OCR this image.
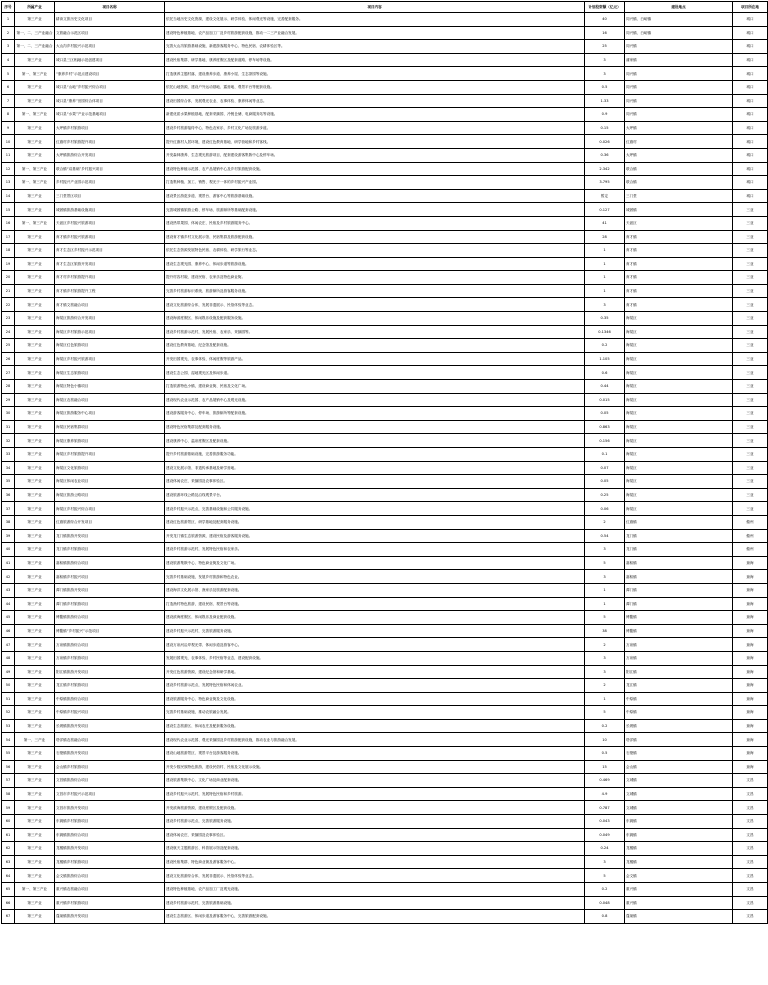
序号	所属产业	项目名称	项目内容	计划投资额（亿元）	建设地点	项目所在地
1	第三产业	耕读文旅历史文化项目	依托当地历史文化资源，建设文化展示、研学体验、休闲观光等设施，完善配套服务。	40	同兴镇、白峪镇	城口
2	第一、二、三产业融合	文旅融合示范区项目	建设特色种植基地、农产品加工厂及乡村旅游配套设施，推动一二三产业融合发展。	16	同兴镇、白峪镇	城口
3	第一、二、三产业融合	大山沟乡村振兴示范项目	完善大山沟旅游基础设施，新建游客服务中心、特色民宿、农耕体验区等。	25	同兴镇	城口
4	第三产业	城口县三区相融示范创建项目	建设民宿集群、研学基地、康养度假区及配套道路、停车场等设施。	3	蒲家镇	城口
5	第一、第三产业	“康养乡村”示范点建设项目	打造康养主题村落，建设康养步道、康养小屋、生态茶园等设施。	3	同兴镇	城口
6	第三产业	城口县“山地”乡村振兴综合项目	依托山地资源，建设户外运动基地、露营地、观景平台等配套设施。	0.5	同兴镇	城口
7	第三产业	城口县“康养”田园综合体项目	建设田园综合体，发展观光农业、农事体验、康养休闲等业态。	1.33	同兴镇	城口
8	第一、第三产业	城口县“水果”产业示范基地项目	新建优质水果种植基地，配套采摘园、冷链仓储、电商服务站等设施。	0.9	同兴镇	城口
9	第三产业	大坪镇乡村旅游项目	建设乡村旅游接待中心、特色农家乐、乡村文化广场及旅游步道。	0.15	大坪镇	城口
10	第三产业	红旗村乡村旅游提升项目	提升红旗村人居环境，建设红色教育基地、研学营地和乡村客栈。	0.026	红旗村	城口
11	第三产业	大坪镇旅游综合开发项目	开发森林康养、生态观光旅游项目，配套建设游客集散中心及停车场。	0.36	大坪镇	城口
12	第一、第三产业	联合镇“双基础”乡村振兴项目	建设特色种植示范园、农产品展销中心及乡村旅游配套设施。	2.342	联合镇	城口
13	第一、第三产业	乡村振兴产业园示范项目	打造集种植、加工、销售、观光于一体的乡村振兴产业园。	3.795	联合镇	城口
14	第三产业	三门堂景区项目	建设景区游览步道、观景台、游客中心等旅游基础设施。	暂定	三门堂	城口
15	第三产业	城固镇旅游基础设施项目	完善城固镇旅游公路、停车场、旅游厕所等基础配套设施。	0.127	城固镇	三亚
16	第一、第三产业	天涯区乡村振兴旅游项目	建设热带果园、休闲农庄、民宿及乡村旅游服务中心。	41	天涯区	三亚
17	第三产业	育才镇乡村振兴旅游项目	建设育才镇乡村文化展示馆、民宿集群及旅游配套设施。	28	育才镇	三亚
18	第三产业	育才生态区乡村振兴示范项目	依托生态资源发展特色民宿、农耕体验、研学旅行等业态。	1	育才镇	三亚
19	第三产业	育才生态区旅游开发项目	建设生态观光园、康养中心、休闲步道等旅游设施。	1	育才镇	三亚
20	第三产业	育才村乡村旅游提升项目	提升村容村貌，建设民宿、农家乐及特色商业街。	1	育才镇	三亚
21	第三产业	育才镇乡村旅游提升工程	完善乡村旅游标识系统、旅游厕所及游客服务设施。	1	育才镇	三亚
22	第三产业	育才镇文旅融合项目	建设文化旅游综合体，发展非遗展示、民俗体验等业态。	3	育才镇	三亚
23	第三产业	海棠区旅游综合开发项目	建设海滨度假区、休闲娱乐设施及配套服务设施。	0.35	海棠区	三亚
24	第三产业	海棠区乡村旅游示范项目	建设乡村旅游示范村，发展民宿、农家乐、采摘园等。	0.1346	海棠区	三亚
25	第三产业	海棠区红色旅游项目	建设红色教育基地、纪念馆及配套设施。	0.2	海棠区	三亚
26	第三产业	海棠区乡村振兴旅游项目	开发田园观光、农事体验、休闲度假等旅游产品。	1.105	海棠区	三亚
27	第三产业	海棠区生态旅游项目	建设生态公园、湿地观光区及休闲步道。	0.6	海棠区	三亚
28	第三产业	海棠区特色小镇项目	打造旅游特色小镇，建设商业街、民宿及文化广场。	0.44	海棠区	三亚
29	第三产业	海棠区农旅融合项目	建设现代农业示范园、农产品展销中心及观光设施。	0.015	海棠区	三亚
30	第三产业	海棠区旅游服务中心项目	建设游客服务中心、停车场、旅游厕所等配套设施。	0.05	海棠区	三亚
31	第三产业	海棠区民宿集群项目	建设特色民宿集群及配套服务设施。	0.863	海棠区	三亚
32	第三产业	海棠区康养旅游项目	建设康养中心、温泉度假区及配套设施。	0.156	海棠区	三亚
33	第三产业	海棠区乡村旅游提升项目	提升乡村旅游基础设施，完善旅游服务功能。	0.1	海棠区	三亚
34	第三产业	海棠区文化旅游项目	建设文化展示馆、非遗传承基地及研学营地。	0.07	海棠区	三亚
35	第三产业	海棠区休闲农业项目	建设休闲农庄、采摘园及农事体验区。	0.05	海棠区	三亚
36	第三产业	海棠区旅游公路项目	建设旅游环线公路及沿线观景平台。	0.25	海棠区	三亚
37	第三产业	海棠区乡村振兴综合项目	建设乡村振兴示范点，完善基础设施和公共服务设施。	0.06	海棠区	三亚
38	第三产业	红旗旅游综合开发项目	建设红色旅游景区、研学基地及配套服务设施。	2	红旗镇	儋州
39	第三产业	龙门镇旅游开发项目	开发龙门镇生态旅游资源，建设民宿及游客服务设施。	0.54	龙门镇	儋州
40	第三产业	龙门镇乡村旅游项目	建设乡村旅游示范村，发展特色民宿和农家乐。	3	龙门镇	儋州
41	第三产业	嘉积镇旅游综合项目	建设旅游集散中心、特色商业街及文化广场。	5	嘉积镇	琼海
42	第三产业	嘉积镇乡村振兴项目	完善乡村基础设施，发展乡村旅游和特色农业。	3	嘉积镇	琼海
43	第三产业	潭门镇旅游开发项目	建设海洋文化展示馆、渔家乐及旅游配套设施。	1	潭门镇	琼海
44	第三产业	潭门镇乡村旅游项目	打造渔村特色旅游，建设民宿、观景台等设施。	1	潭门镇	琼海
45	第三产业	博鳌镇旅游综合项目	建设滨海度假区、休闲娱乐及商业配套设施。	5	博鳌镇	琼海
46	第三产业	博鳌镇“乡村振兴”示范项目	建设乡村振兴示范村，完善旅游服务设施。	38	博鳌镇	琼海
47	第三产业	万泉镇旅游综合项目	建设万泉河沿岸观光带、休闲步道及游客中心。	2	万泉镇	琼海
48	第三产业	万泉镇乡村旅游项目	发展田园观光、农事体验、乡村民宿等业态，建设配套设施。	3	万泉镇	琼海
49	第三产业	阳江镇旅游开发项目	开发红色旅游资源，建设纪念馆和研学基地。	3	阳江镇	琼海
50	第三产业	龙江镇乡村旅游项目	建设乡村旅游示范点，发展特色民宿和休闲农业。	2	龙江镇	琼海
51	第三产业	中原镇旅游综合项目	建设旅游服务中心、特色商业街及文化设施。	1	中原镇	琼海
52	第三产业	中原镇乡村振兴项目	完善乡村基础设施，推动农旅融合发展。	5	中原镇	琼海
53	第三产业	长坡镇旅游开发项目	建设生态旅游区、休闲农庄及配套服务设施。	0.2	长坡镇	琼海
54	第一、三产业	塔洋镇农旅融合项目	建设现代农业示范园、观光采摘园及乡村旅游配套设施，推动农业与旅游融合发展。	10	塔洋镇	琼海
55	第三产业	石壁镇旅游开发项目	建设山地旅游景区、观景平台及游客服务设施。	0.5	石壁镇	琼海
56	第三产业	会山镇乡村旅游项目	开发少数民族特色旅游，建设民俗村、民宿及文化展示设施。	15	会山镇	琼海
57	第三产业	文昌镇旅游综合项目	建设旅游集散中心、文化广场及商业配套设施。	0.469	文城镇	文昌
58	第三产业	文昌市乡村振兴示范项目	建设乡村振兴示范村，发展特色民宿和乡村旅游。	4.9	文城镇	文昌
59	第三产业	文昌市旅游开发项目	开发滨海旅游资源，建设度假区及配套设施。	0.787	文城镇	文昌
60	第三产业	东阁镇乡村旅游项目	建设乡村旅游示范点，完善旅游服务设施。	0.043	东阁镇	文昌
61	第三产业	东阁镇旅游综合项目	建设休闲农庄、采摘园及农事体验区。	0.049	东阁镇	文昌
62	第三产业	龙楼镇旅游开发项目	建设航天主题旅游区、科普展示馆及配套设施。	0.24	龙楼镇	文昌
63	第三产业	龙楼镇乡村旅游项目	建设民宿集群、特色商业街及游客服务中心。	3	龙楼镇	文昌
64	第三产业	会文镇旅游综合项目	建设文化旅游综合体，发展非遗展示、民俗体验等业态。	5	会文镇	文昌
65	第一、第三产业	重兴镇农旅融合项目	建设特色种植基地、农产品加工厂及观光设施。	0.2	重兴镇	文昌
66	第三产业	重兴镇乡村旅游项目	建设乡村旅游示范村，完善旅游基础设施。	0.048	重兴镇	文昌
67	第三产业	蓬莱镇旅游开发项目	建设生态旅游区、休闲步道及游客服务中心，完善旅游配套设施。	0.8	蓬莱镇	文昌
